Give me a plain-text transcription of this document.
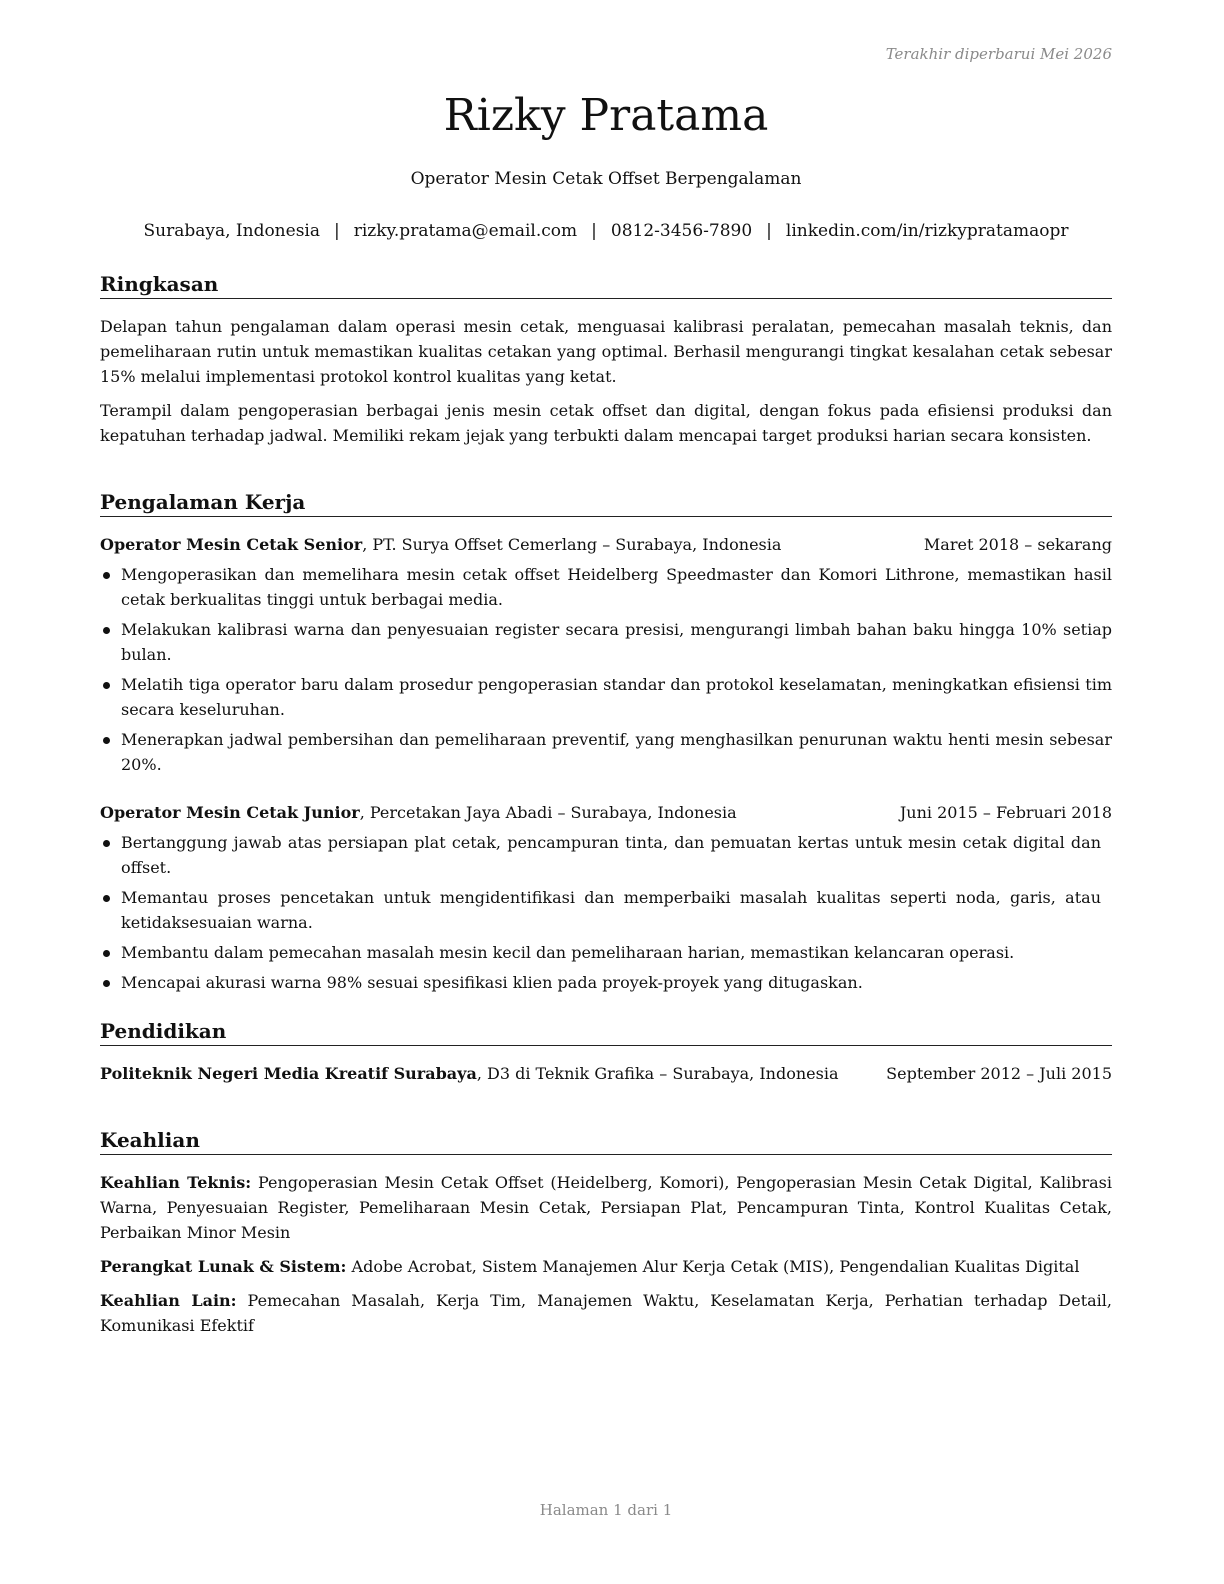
Terakhir diperbarui Mei 2026
Rizky Pratama
Operator Mesin Cetak Offset Berpengalaman
Surabaya, Indonesia | rizky.pratama@email.com | 0812-3456-7890 | linkedin.com/in/rizkypratamaopr
Ringkasan
Delapan tahun pengalaman dalam operasi mesin cetak, menguasai kalibrasi peralatan, pemecahan masalah teknis, dan pemeliharaan rutin untuk memastikan kualitas cetakan yang optimal. Berhasil mengurangi tingkat kesalahan cetak sebesar 15% melalui implementasi protokol kontrol kualitas yang ketat.
Terampil dalam pengoperasian berbagai jenis mesin cetak offset dan digital, dengan fokus pada efisiensi produksi dan kepatuhan terhadap jadwal. Memiliki rekam jejak yang terbukti dalam mencapai target produksi harian secara konsisten.
Pengalaman Kerja
Operator Mesin Cetak Senior, PT. Surya Offset Cemerlang – Surabaya, Indonesia	Maret 2018 – sekarang
Mengoperasikan dan memelihara mesin cetak offset Heidelberg Speedmaster dan Komori Lithrone, memastikan hasil cetak berkualitas tinggi untuk berbagai media.
Melakukan kalibrasi warna dan penyesuaian register secara presisi, mengurangi limbah bahan baku hingga 10% setiap bulan.
Melatih tiga operator baru dalam prosedur pengoperasian standar dan protokol keselamatan, meningkatkan efisiensi tim secara keseluruhan.
Menerapkan jadwal pembersihan dan pemeliharaan preventif, yang menghasilkan penurunan waktu henti mesin sebesar 20%.
Operator Mesin Cetak Junior, Percetakan Jaya Abadi – Surabaya, Indonesia	Juni 2015 – Februari 2018
Bertanggung jawab atas persiapan plat cetak, pencampuran tinta, dan pemuatan kertas untuk mesin cetak digital dan offset.
Memantau proses pencetakan untuk mengidentifikasi dan memperbaiki masalah kualitas seperti noda, garis, atau ketidaksesuaian warna.
Membantu dalam pemecahan masalah mesin kecil dan pemeliharaan harian, memastikan kelancaran operasi.
Mencapai akurasi warna 98% sesuai spesifikasi klien pada proyek-proyek yang ditugaskan.
Pendidikan
September 2012 – Juli 2015
Politeknik Negeri Media Kreatif Surabaya, D3 di Teknik Grafika – Surabaya, Indonesia
Keahlian
Keahlian Teknis: Pengoperasian Mesin Cetak Offset (Heidelberg, Komori), Pengoperasian Mesin Cetak Digital, Kalibrasi Warna, Penyesuaian Register, Pemeliharaan Mesin Cetak, Persiapan Plat, Pencampuran Tinta, Kontrol Kualitas Cetak, Perbaikan Minor Mesin
Perangkat Lunak & Sistem: Adobe Acrobat, Sistem Manajemen Alur Kerja Cetak (MIS), Pengendalian Kualitas Digital
Keahlian Lain: Pemecahan Masalah, Kerja Tim, Manajemen Waktu, Keselamatan Kerja, Perhatian terhadap Detail, Komunikasi Efektif
Halaman 1 dari 1
